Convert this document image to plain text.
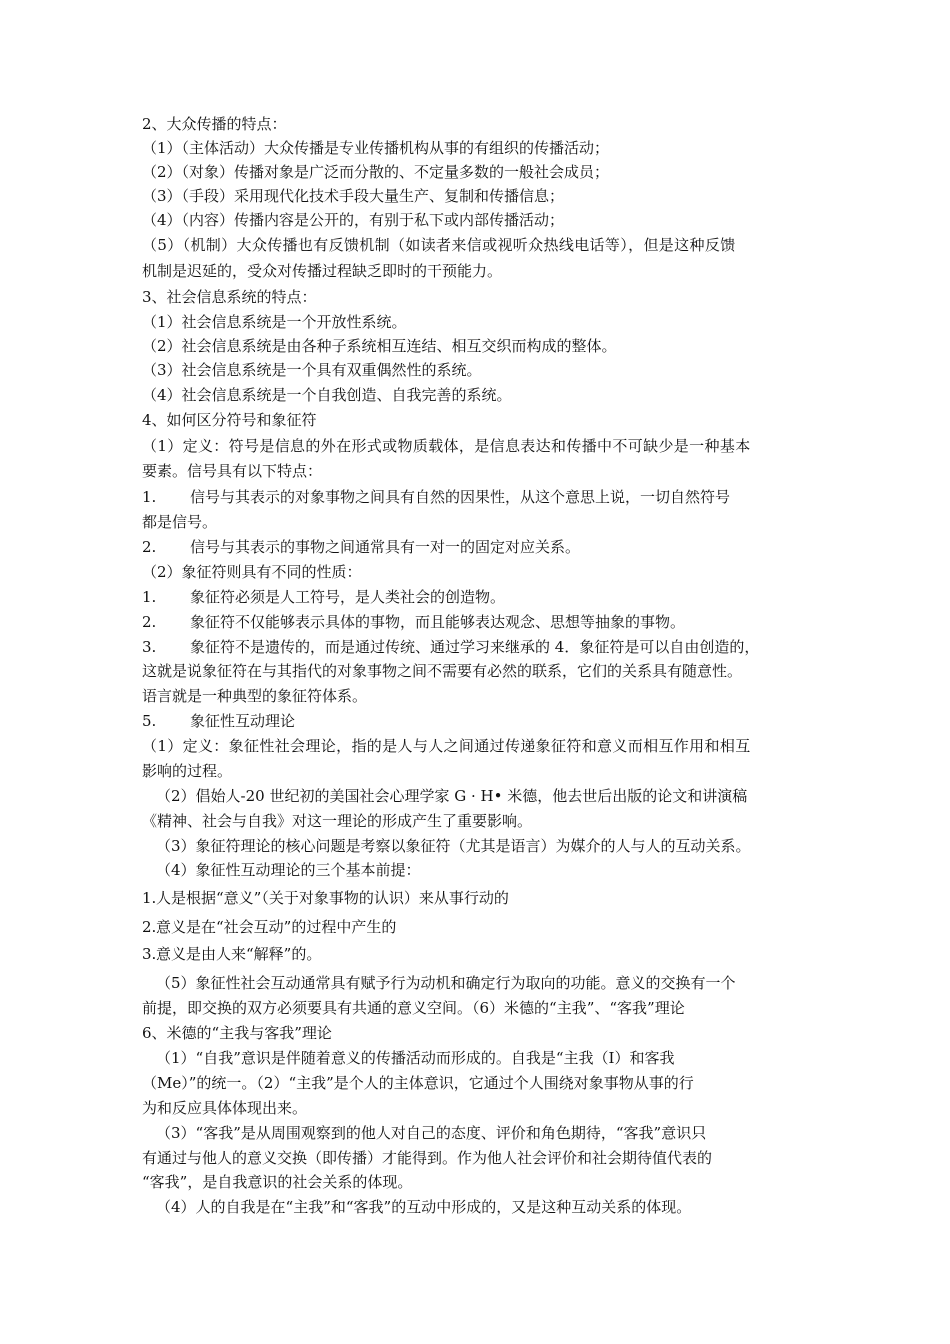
2、大众传播的特点：
（1）（主体活动）大众传播是专业传播机构从事的有组织的传播活动；
（2）（对象）传播对象是广泛而分散的、不定量多数的一般社会成员；
（3）（手段）采用现代化技术手段大量生产、复制和传播信息；
（4）（内容）传播内容是公开的，有别于私下或内部传播活动；
（5）（机制）大众传播也有反馈机制（如读者来信或视听众热线电话等），但是这种反馈
机制是迟延的，受众对传播过程缺乏即时的干预能力。
3、社会信息系统的特点：
（1）社会信息系统是一个开放性系统。
（2）社会信息系统是由各种子系统相互连结、相互交织而构成的整体。
（3）社会信息系统是一个具有双重偶然性的系统。
（4）社会信息系统是一个自我创造、自我完善的系统。
4、如何区分符号和象征符
（1）定义：符号是信息的外在形式或物质载体，是信息表达和传播中不可缺少是一种基本
要素。信号具有以下特点：
1. 信号与其表示的对象事物之间具有自然的因果性，从这个意思上说，一切自然符号
都是信号。
2. 信号与其表示的事物之间通常具有一对一的固定对应关系。
（2）象征符则具有不同的性质：
1. 象征符必须是人工符号，是人类社会的创造物。
2. 象征符不仅能够表示具体的事物，而且能够表达观念、思想等抽象的事物。
3. 象征符不是遗传的，而是通过传统、通过学习来继承的 4．象征符是可以自由创造的，
这就是说象征符在与其指代的对象事物之间不需要有必然的联系，它们的关系具有随意性。
语言就是一种典型的象征符体系。
5. 象征性互动理论
（1）定义：象征性社会理论，指的是人与人之间通过传递象征符和意义而相互作用和相互
影响的过程。
（2）倡始人-20 世纪初的美国社会心理学家 G · H• 米德，他去世后出版的论文和讲演稿
《精神、社会与自我》对这一理论的形成产生了重要影响。
（3）象征符理论的核心问题是考察以象征符（尤其是语言）为媒介的人与人的互动关系。
（4）象征性互动理论的三个基本前提：
1.人是根据“意义”（关于对象事物的认识）来从事行动的
2.意义是在“社会互动”的过程中产生的
3.意义是由人来“解释”的。
（5）象征性社会互动通常具有赋予行为动机和确定行为取向的功能。意义的交换有一个
前提，即交换的双方必须要具有共通的意义空间。（6）米德的“主我”、“客我”理论
6、米德的“主我与客我”理论
（1）“自我”意识是伴随着意义的传播活动而形成的。自我是“主我（I）和客我
（Me）”的统一。（2）“主我”是个人的主体意识，它通过个人围绕对象事物从事的行
为和反应具体体现出来。
（3）“客我”是从周围观察到的他人对自己的态度、评价和角色期待，“客我”意识只
有通过与他人的意义交换（即传播）才能得到。作为他人社会评价和社会期待值代表的
“客我”，是自我意识的社会关系的体现。
（4）人的自我是在“主我”和“客我”的互动中形成的，又是这种互动关系的体现。
